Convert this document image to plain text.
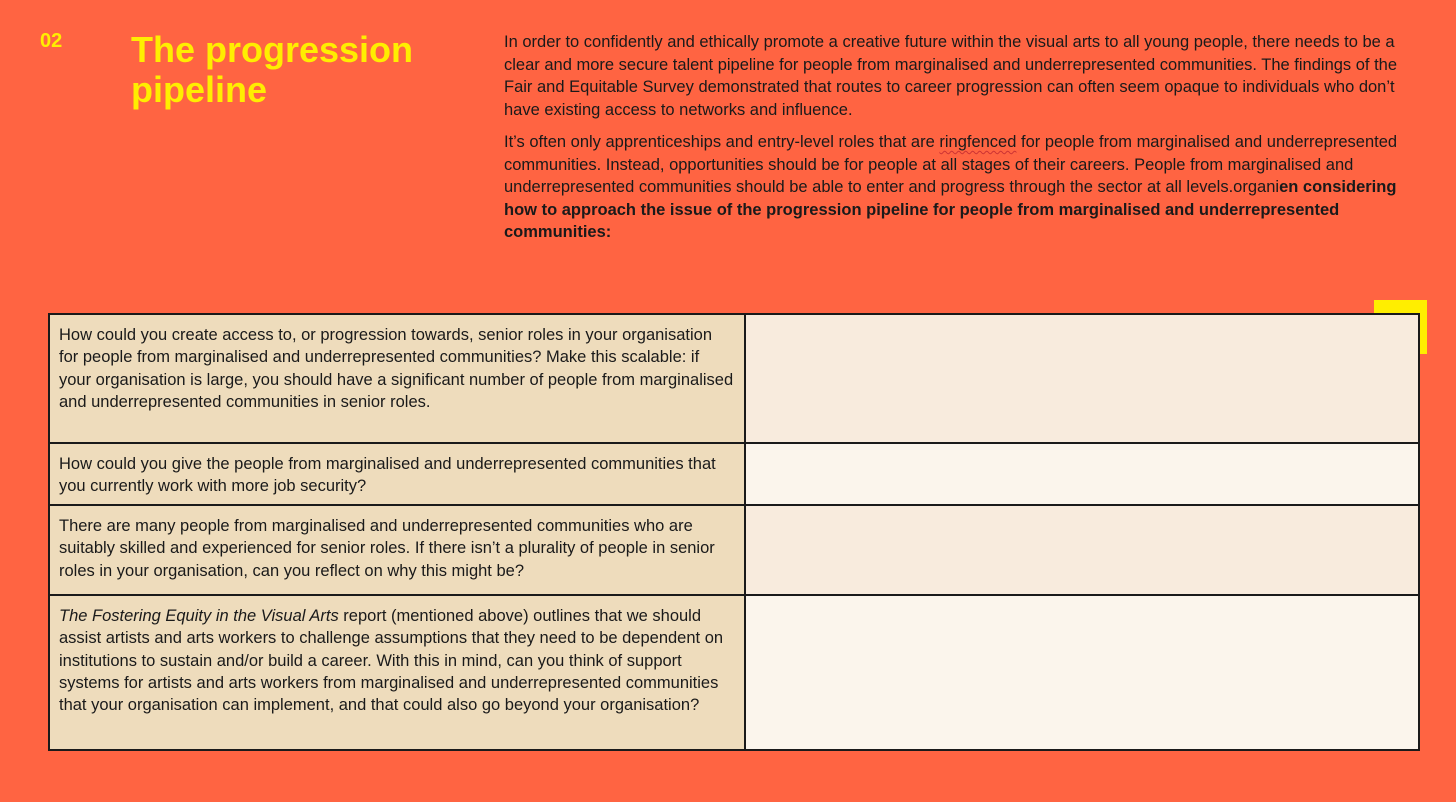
02 The progression pipeline

In order to confidently and ethically promote a creative future within the visual arts to all young people, there needs to be a clear and more secure talent pipeline for people from marginalised and underrepresented communities. The findings of the Fair and Equitable Survey demonstrated that routes to career progression can often seem opaque to individuals who don’t have existing access to networks and influence.

It’s often only apprenticeships and entry-level roles that are ringfenced for people from marginalised and underrepresented communities. Instead, opportunities should be for people at all stages of their careers. People from marginalised and underrepresented communities should be able to enter and progress through the sector at all levels.organien considering how to approach the issue of the progression pipeline for people from marginalised and underrepresented communities:

How could you create access to, or progression towards, senior roles in your organisation for people from marginalised and underrepresented communities? Make this scalable: if your organisation is large, you should have a significant number of people from marginalised and underrepresented communities in senior roles.	
How could you give the people from marginalised and underrepresented communities that you currently work with more job security?	
There are many people from marginalised and underrepresented communities who are suitably skilled and experienced for senior roles. If there isn’t a plurality of people in senior roles in your organisation, can you reflect on why this might be?	
The Fostering Equity in the Visual Arts report (mentioned above) outlines that we should assist artists and arts workers to challenge assumptions that they need to be dependent on institutions to sustain and/or build a career. With this in mind, can you think of support systems for artists and arts workers from marginalised and underrepresented communities that your organisation can implement, and that could also go beyond your organisation?	
